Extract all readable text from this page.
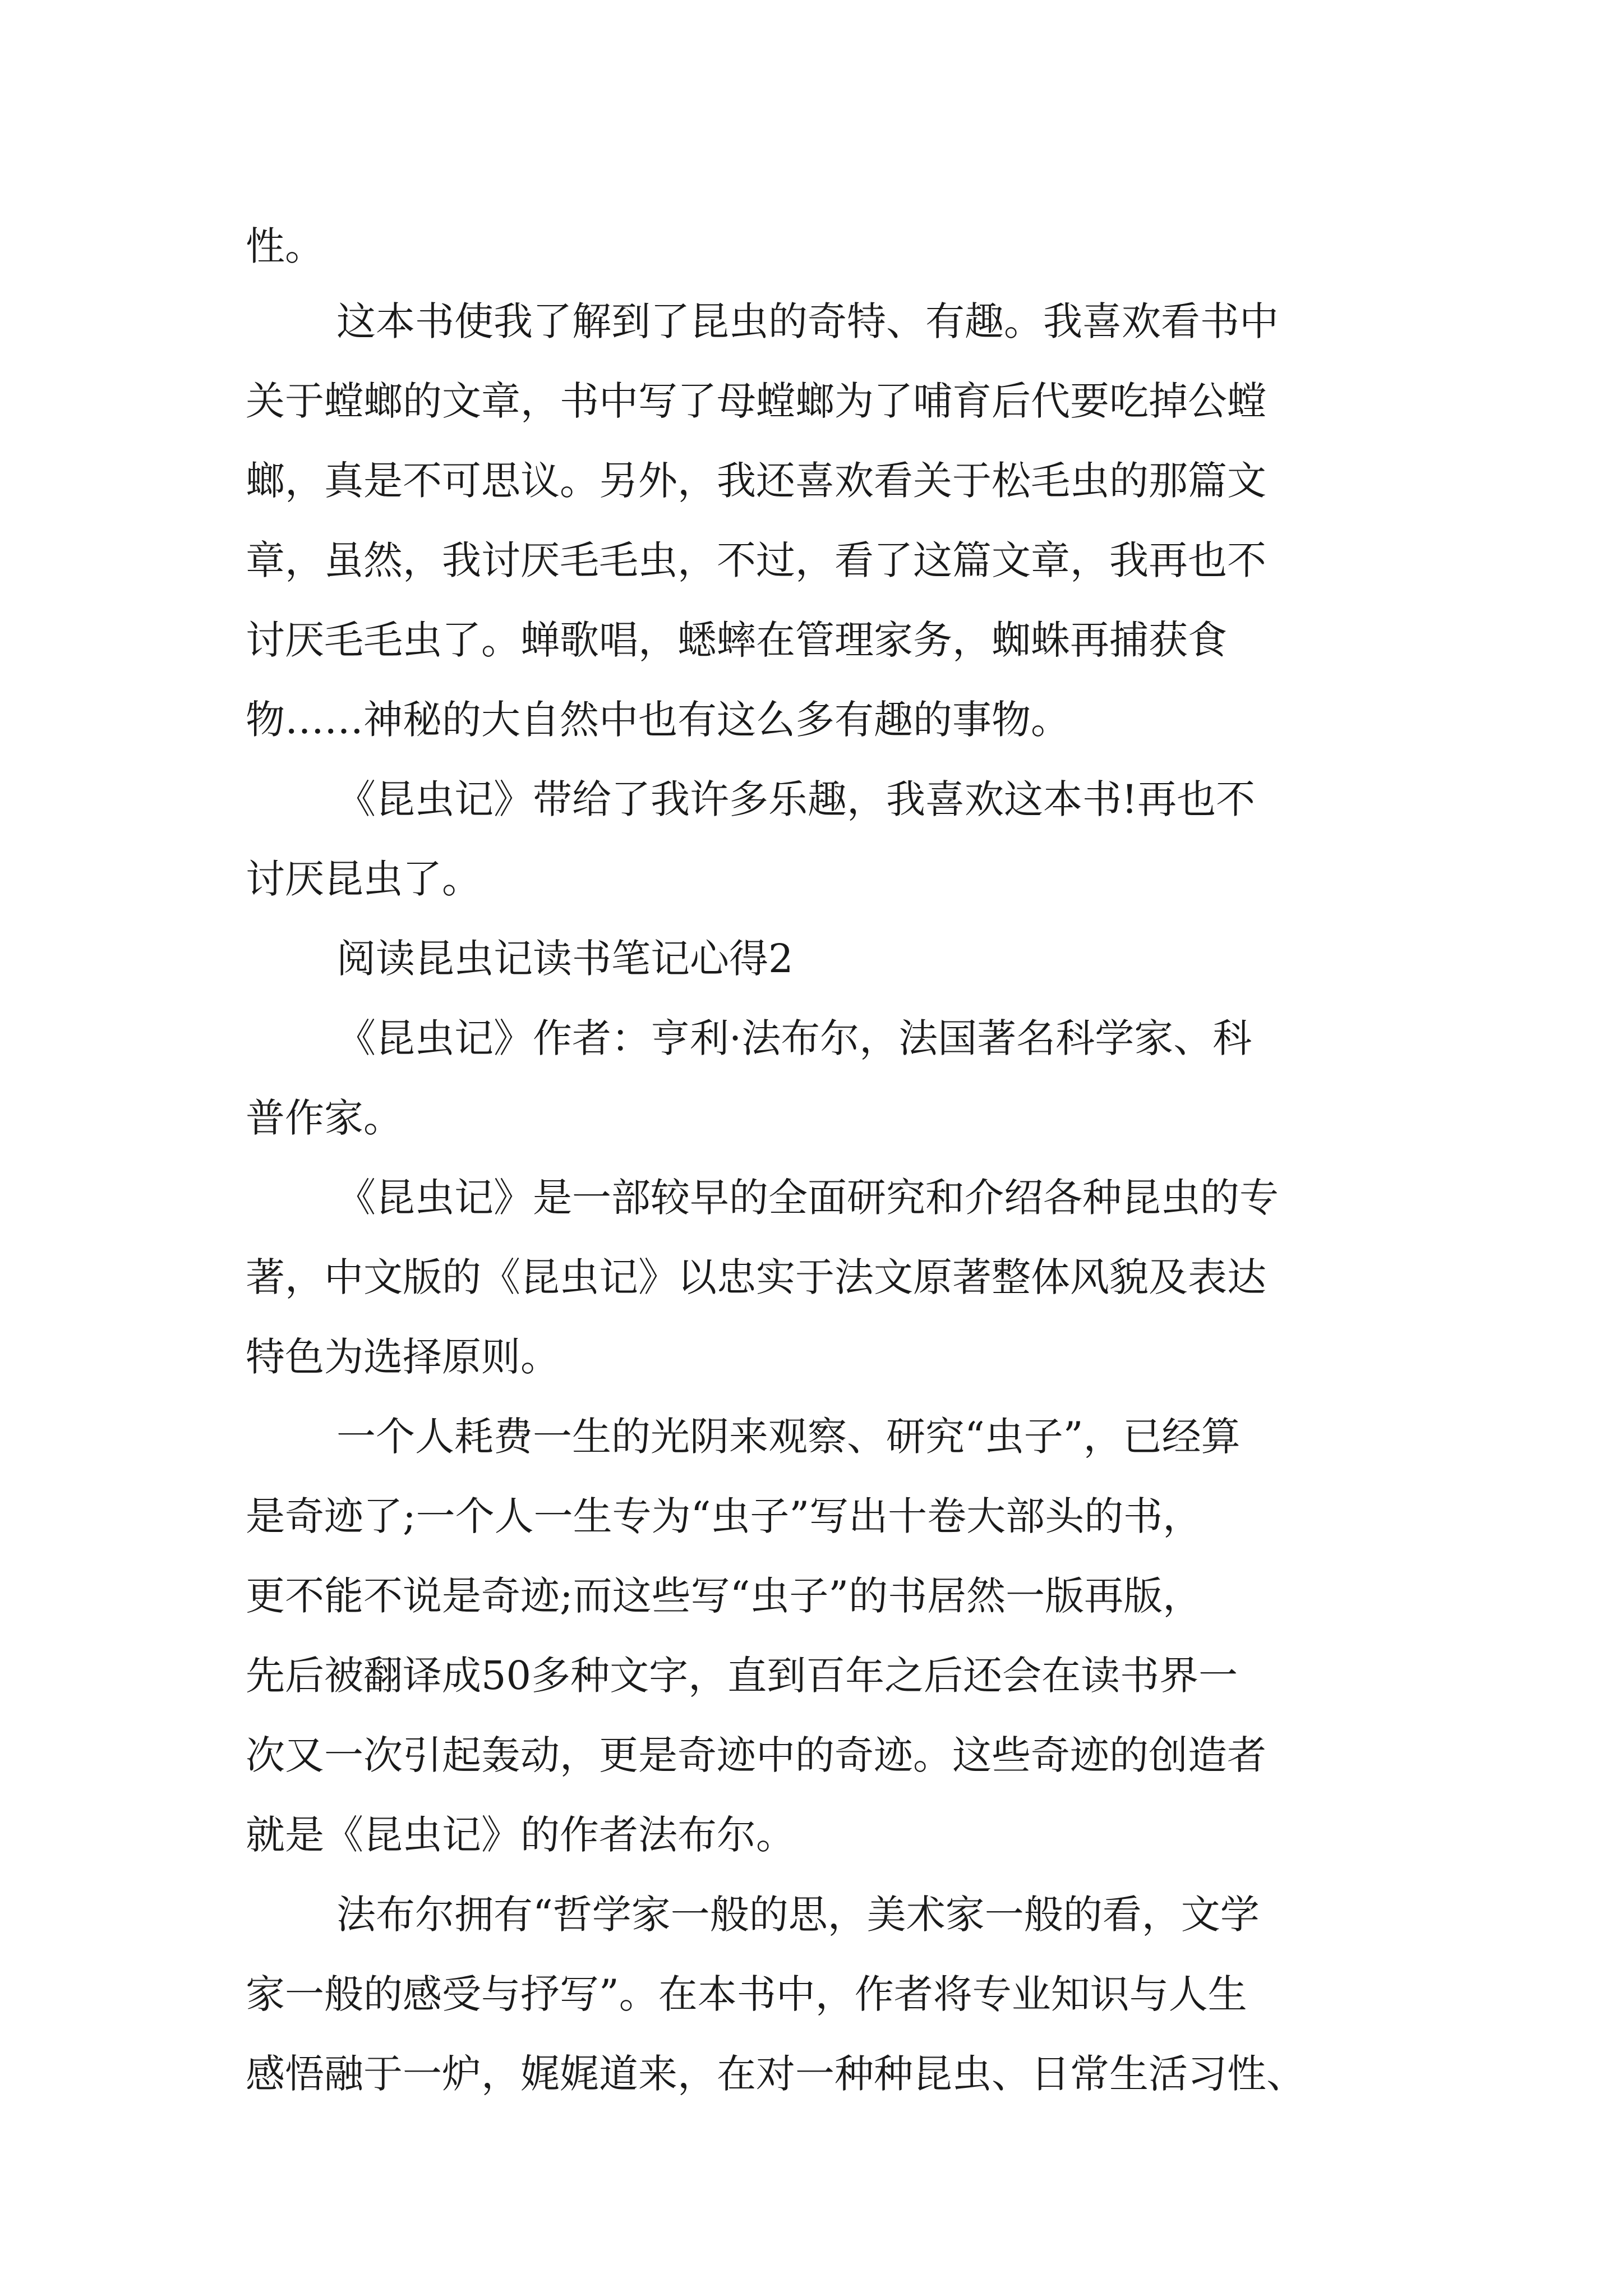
性。
这本书使我了解到了昆虫的奇特、有趣。我喜欢看书中
关于螳螂的文章，书中写了母螳螂为了哺育后代要吃掉公螳
螂，真是不可思议。另外，我还喜欢看关于松毛虫的那篇文
章，虽然，我讨厌毛毛虫，不过，看了这篇文章，我再也不
讨厌毛毛虫了。蝉歌唱，蟋蟀在管理家务，蜘蛛再捕获食
物……神秘的大自然中也有这么多有趣的事物。
《昆虫记》带给了我许多乐趣，我喜欢这本书!再也不
讨厌昆虫了。
阅读昆虫记读书笔记心得2
《昆虫记》作者：亨利·法布尔，法国著名科学家、科
普作家。
《昆虫记》是一部较早的全面研究和介绍各种昆虫的专
著，中文版的《昆虫记》以忠实于法文原著整体风貌及表达
特色为选择原则。
一个人耗费一生的光阴来观察、研究“虫子”，已经算
是奇迹了;一个人一生专为“虫子”写出十卷大部头的书，
更不能不说是奇迹;而这些写“虫子”的书居然一版再版，
先后被翻译成50多种文字，直到百年之后还会在读书界一
次又一次引起轰动，更是奇迹中的奇迹。这些奇迹的创造者
就是《昆虫记》的作者法布尔。
法布尔拥有“哲学家一般的思，美术家一般的看，文学
家一般的感受与抒写”。在本书中，作者将专业知识与人生
感悟融于一炉，娓娓道来，在对一种种昆虫、日常生活习性、
